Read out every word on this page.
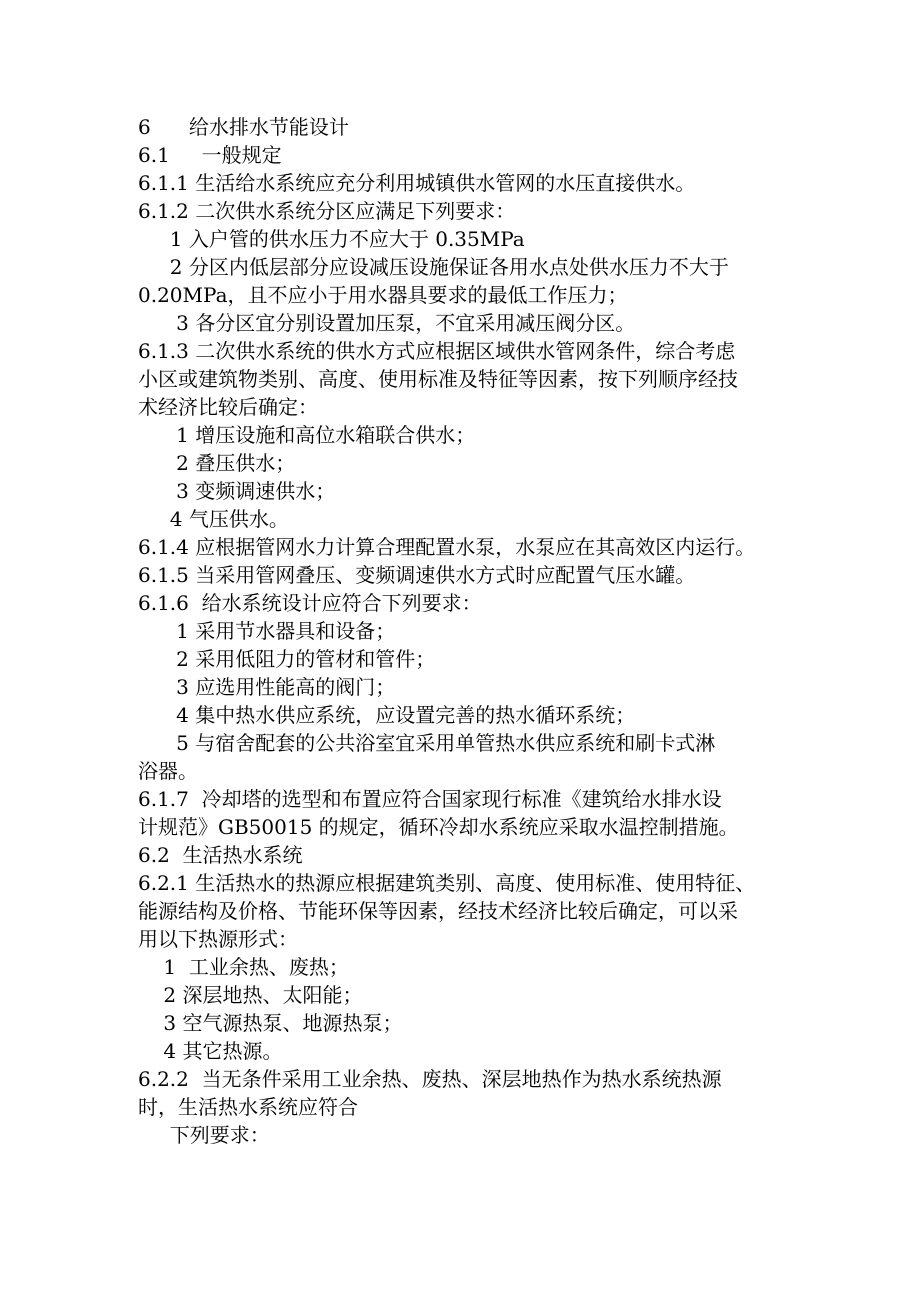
6      给水排水节能设计
6.1     一般规定
6.1.1 生活给水系统应充分利用城镇供水管网的水压直接供水。
6.1.2 二次供水系统分区应满足下列要求：
1 入户管的供水压力不应大于 0.35MPa
2 分区内低层部分应设减压设施保证各用水点处供水压力不大于
0.20MPa，且不应小于用水器具要求的最低工作压力；
3 各分区宜分别设置加压泵，不宜采用减压阀分区。
6.1.3 二次供水系统的供水方式应根据区域供水管网条件，综合考虑
小区或建筑物类别、高度、使用标准及特征等因素，按下列顺序经技
术经济比较后确定：
1 增压设施和高位水箱联合供水；
2 叠压供水；
3 变频调速供水；
4 气压供水。
6.1.4 应根据管网水力计算合理配置水泵，水泵应在其高效区内运行。
6.1.5 当采用管网叠压、变频调速供水方式时应配置气压水罐。
6.1.6  给水系统设计应符合下列要求：
1 采用节水器具和设备；
2 采用低阻力的管材和管件；
3 应选用性能高的阀门；
4 集中热水供应系统，应设置完善的热水循环系统；
5 与宿舍配套的公共浴室宜采用单管热水供应系统和刷卡式淋
浴器。
6.1.7  冷却塔的选型和布置应符合国家现行标准《建筑给水排水设
计规范》GB50015 的规定，循环冷却水系统应采取水温控制措施。
6.2  生活热水系统
6.2.1 生活热水的热源应根据建筑类别、高度、使用标准、使用特征、
能源结构及价格、节能环保等因素，经技术经济比较后确定，可以采
用以下热源形式：
1  工业余热、废热；
2 深层地热、太阳能；
3 空气源热泵、地源热泵；
4 其它热源。
6.2.2  当无条件采用工业余热、废热、深层地热作为热水系统热源
时，生活热水系统应符合
下列要求：
